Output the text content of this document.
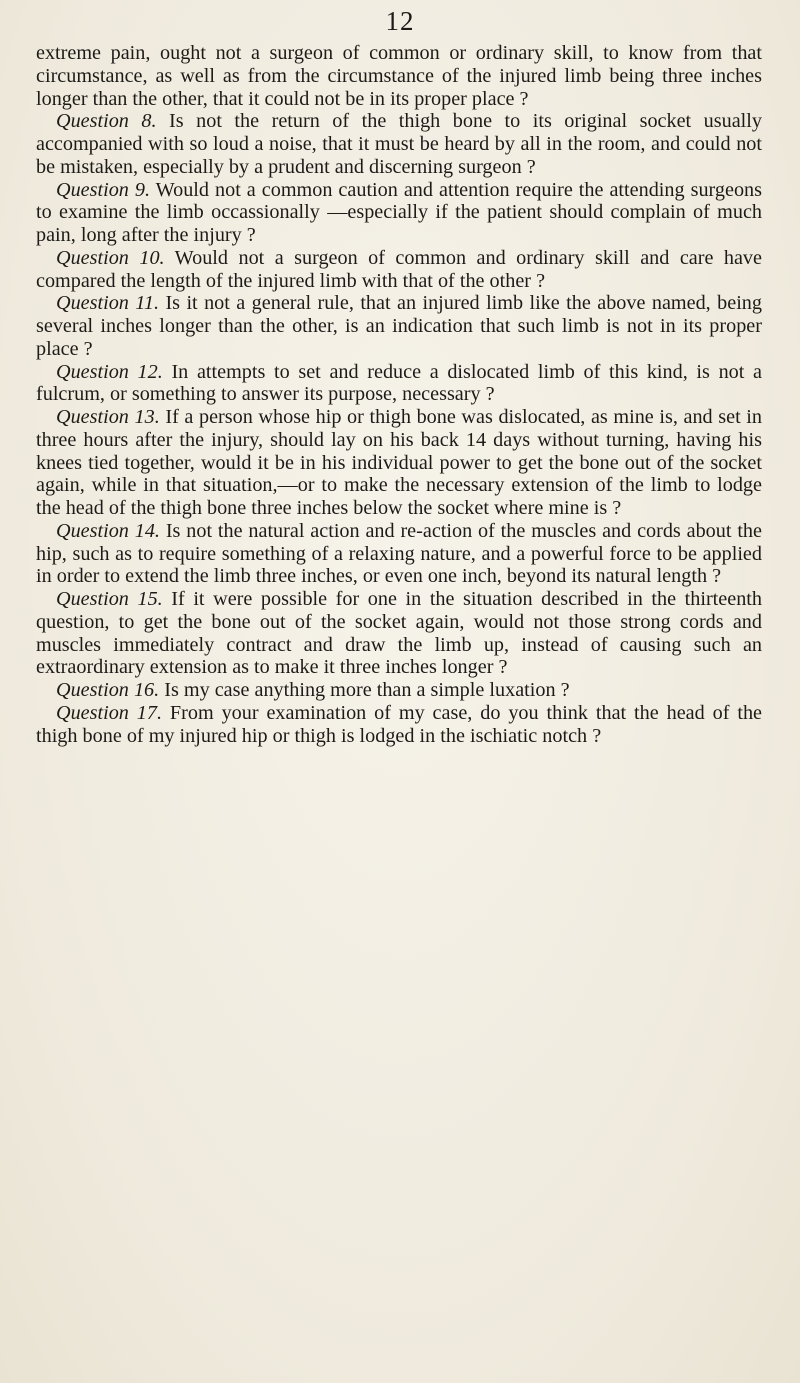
12

extreme pain, ought not a surgeon of common or ordinary skill, to know from that circumstance, as well as from the circumstance of the injured limb being three inches longer than the other, that it could not be in its proper place ?

Question 8. Is not the return of the thigh bone to its original socket usually accompanied with so loud a noise, that it must be heard by all in the room, and could not be mistaken, especially by a prudent and discerning surgeon ?

Question 9. Would not a common caution and attention require the attending surgeons to examine the limb occassionally —especially if the patient should complain of much pain, long after the injury ?

Question 10. Would not a surgeon of common and ordinary skill and care have compared the length of the injured limb with that of the other ?

Question 11. Is it not a general rule, that an injured limb like the above named, being several inches longer than the other, is an indication that such limb is not in its proper place ?

Question 12. In attempts to set and reduce a dislocated limb of this kind, is not a fulcrum, or something to answer its purpose, necessary ?

Question 13. If a person whose hip or thigh bone was dislocated, as mine is, and set in three hours after the injury, should lay on his back 14 days without turning, having his knees tied together, would it be in his individual power to get the bone out of the socket again, while in that situation,—or to make the necessary extension of the limb to lodge the head of the thigh bone three inches below the socket where mine is ?

Question 14. Is not the natural action and re-action of the muscles and cords about the hip, such as to require something of a relaxing nature, and a powerful force to be applied in order to extend the limb three inches, or even one inch, beyond its natural length ?

Question 15. If it were possible for one in the situation described in the thirteenth question, to get the bone out of the socket again, would not those strong cords and muscles immediately contract and draw the limb up, instead of causing such an extraordinary extension as to make it three inches longer ?

Question 16. Is my case anything more than a simple luxation ?

Question 17. From your examination of my case, do you think that the head of the thigh bone of my injured hip or thigh is lodged in the ischiatic notch ?
